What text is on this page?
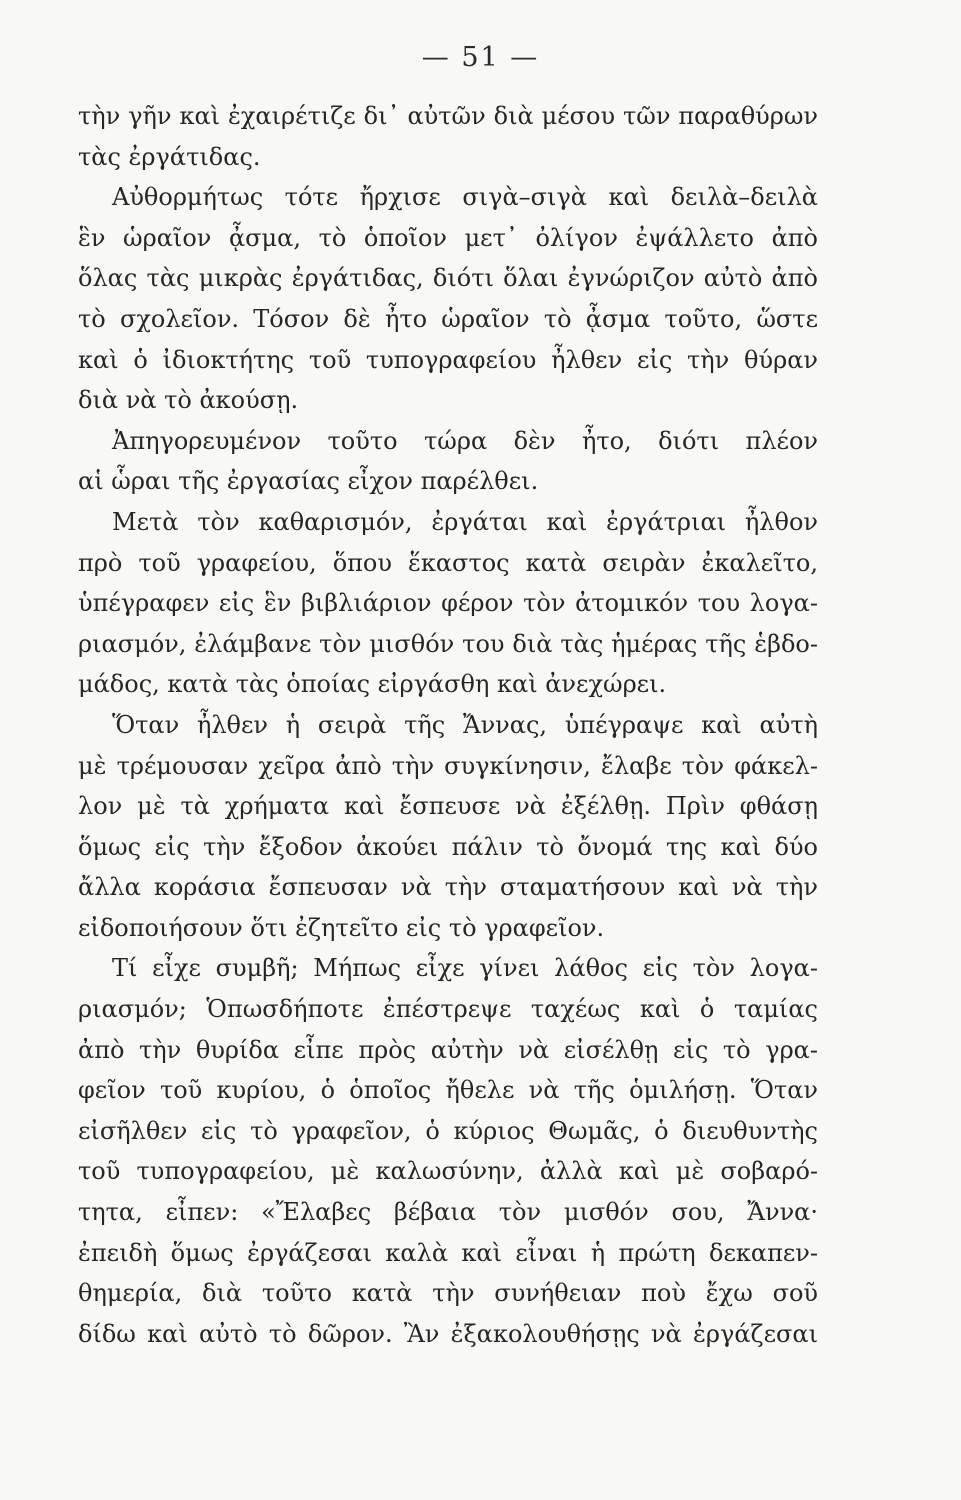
— 51 —
τὴν γῆν καὶ ἐχαιρέτιζε δι᾽ αὐτῶν διὰ μέσου τῶν παραθύρων
τὰς ἐργάτιδας.
Αὐθορμήτως τότε ἤρχισε σιγὰ–σιγὰ καὶ δειλὰ–δειλὰ
ἓν ὡραῖον ᾆσμα, τὸ ὁποῖον μετ᾽ ὀλίγον ἐψάλλετο ἀπὸ
ὅλας τὰς μικρὰς ἐργάτιδας, διότι ὅλαι ἐγνώριζον αὐτὸ ἀπὸ
τὸ σχολεῖον. Τόσον δὲ ἦτο ὡραῖον τὸ ᾆσμα τοῦτο, ὥστε
καὶ ὁ ἰδιοκτήτης τοῦ τυπογραφείου ἦλθεν εἰς τὴν θύραν
διὰ νὰ τὸ ἀκούσῃ.
Ἀπηγορευμένον τοῦτο τώρα δὲν ἦτο, διότι πλέον
αἱ ὧραι τῆς ἐργασίας εἶχον παρέλθει.
Μετὰ τὸν καθαρισμόν, ἐργάται καὶ ἐργάτριαι ἦλθον
πρὸ τοῦ γραφείου, ὅπου ἕκαστος κατὰ σειρὰν ἐκαλεῖτο,
ὑπέγραφεν εἰς ἓν βιβλιάριον φέρον τὸν ἀτομικόν του λογα-
ριασμόν, ἐλάμβανε τὸν μισθόν του διὰ τὰς ἡμέρας τῆς ἑβδο-
μάδος, κατὰ τὰς ὁποίας εἰργάσθη καὶ ἀνεχώρει.
Ὅταν ἦλθεν ἡ σειρὰ τῆς Ἄννας, ὑπέγραψε καὶ αὐτὴ
μὲ τρέμουσαν χεῖρα ἀπὸ τὴν συγκίνησιν, ἔλαβε τὸν φάκελ-
λον μὲ τὰ χρήματα καὶ ἔσπευσε νὰ ἐξέλθῃ. Πρὶν φθάσῃ
ὅμως εἰς τὴν ἔξοδον ἀκούει πάλιν τὸ ὄνομά της καὶ δύο
ἄλλα κοράσια ἔσπευσαν νὰ τὴν σταματήσουν καὶ νὰ τὴν
εἰδοποιήσουν ὅτι ἐζητεῖτο εἰς τὸ γραφεῖον.
Τί εἶχε συμβῆ; Μήπως εἶχε γίνει λάθος εἰς τὸν λογα-
ριασμόν; Ὁπωσδήποτε ἐπέστρεψε ταχέως καὶ ὁ ταμίας
ἀπὸ τὴν θυρίδα εἶπε πρὸς αὐτὴν νὰ εἰσέλθῃ εἰς τὸ γρα-
φεῖον τοῦ κυρίου, ὁ ὁποῖος ἤθελε νὰ τῆς ὁμιλήσῃ. Ὅταν
εἰσῆλθεν εἰς τὸ γραφεῖον, ὁ κύριος Θωμᾶς, ὁ διευθυντὴς
τοῦ τυπογραφείου, μὲ καλωσύνην, ἀλλὰ καὶ μὲ σοβαρό-
τητα, εἶπεν: «Ἔλαβες βέβαια τὸν μισθόν σου, Ἄννα·
ἐπειδὴ ὅμως ἐργάζεσαι καλὰ καὶ εἶναι ἡ πρώτη δεκαπεν-
θημερία, διὰ τοῦτο κατὰ τὴν συνήθειαν ποὺ ἔχω σοῦ
δίδω καὶ αὐτὸ τὸ δῶρον. Ἂν ἐξακολουθήσῃς νὰ ἐργάζεσαι
